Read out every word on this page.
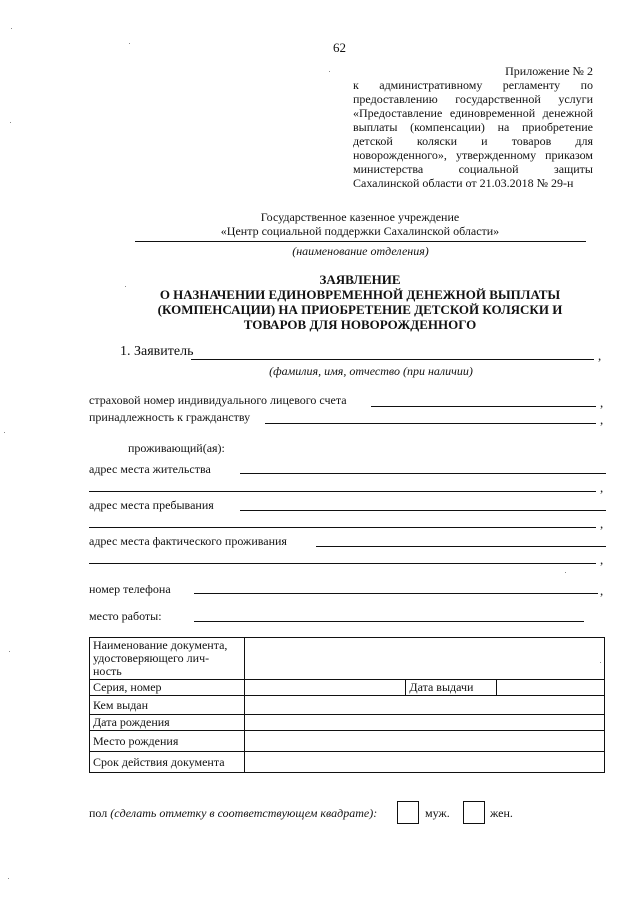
62
Приложение № 2
к административному регламенту по
предоставлению государственной услуги
«Предоставление единовременной денежной
выплаты (компенсации) на приобретение
детской коляски и товаров для
новорожденного», утвержденному приказом
министерства социальной защиты
Сахалинской области от 21.03.2018 № 29-н
Государственное казенное учреждение
«Центр социальной поддержки Сахалинской области»
(наименование отделения)
ЗАЯВЛЕНИЕ
О НАЗНАЧЕНИИ ЕДИНОВРЕМЕННОЙ ДЕНЕЖНОЙ ВЫПЛАТЫ
(КОМПЕНСАЦИИ) НА ПРИОБРЕТЕНИЕ ДЕТСКОЙ КОЛЯСКИ И
ТОВАРОВ ДЛЯ НОВОРОЖДЕННОГО
1. Заявитель	,
(фамилия, имя, отчество (при наличии)
страховой номер индивидуального лицевого счета	,
принадлежность к гражданству	,
проживающий(ая):
адрес места жительства
,
адрес места пребывания
,
адрес места фактического проживания
,
номер телефона	,
место работы:
Наименование документа,
удостоверяющего лич-
ность			

Серия, номер		Дата выдачи	
Кем выдан			
Дата рождения			
Место рождения			
Срок действия документа			
пол (сделать отметку в соответствующем квадрате):	муж.	жен.
